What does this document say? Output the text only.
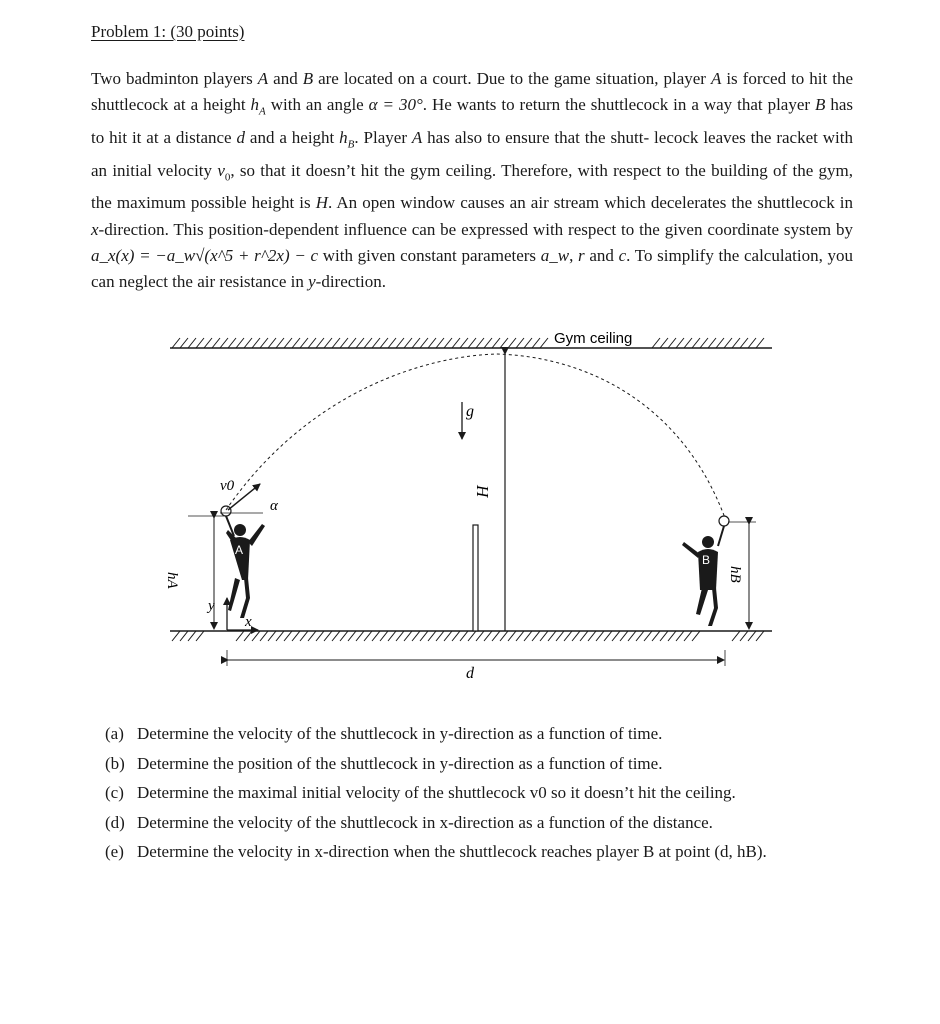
Problem 1: (30 points)
Two badminton players A and B are located on a court. Due to the game situation, player A is forced to hit the shuttlecock at a height $h_A$ with an angle α = 30°. He wants to return the shuttlecock in a way that player B has to hit it at a distance d and a height $h_B$. Player A has also to ensure that the shutt- lecock leaves the racket with an initial velocity $v_0$, so that it doesn’t hit the gym ceiling. Therefore, with respect to the building of the gym, the maximum possible height is H. An open window causes an air stream which decelerates the shuttlecock in x-direction. This position-dependent influence can be expressed with respect to the given coordinate system by a_x(x) = −a_w√(x^5 + r^2x) − c with given constant parameters a_w, r and c. To simplify the calculation, you can neglect the air resistance in y-direction.
Gym ceiling
H
g
v0
α
hA	hB
y
x
d
A
B
(a) Determine the velocity of the shuttlecock in y-direction as a function of time.
(b) Determine the position of the shuttlecock in y-direction as a function of time.
(c) Determine the maximal initial velocity of the shuttlecock v0 so it doesn’t hit the ceiling.
(d) Determine the velocity of the shuttlecock in x-direction as a function of the distance.
(e) Determine the velocity in x-direction when the shuttlecock reaches player B at point (d, hB).
